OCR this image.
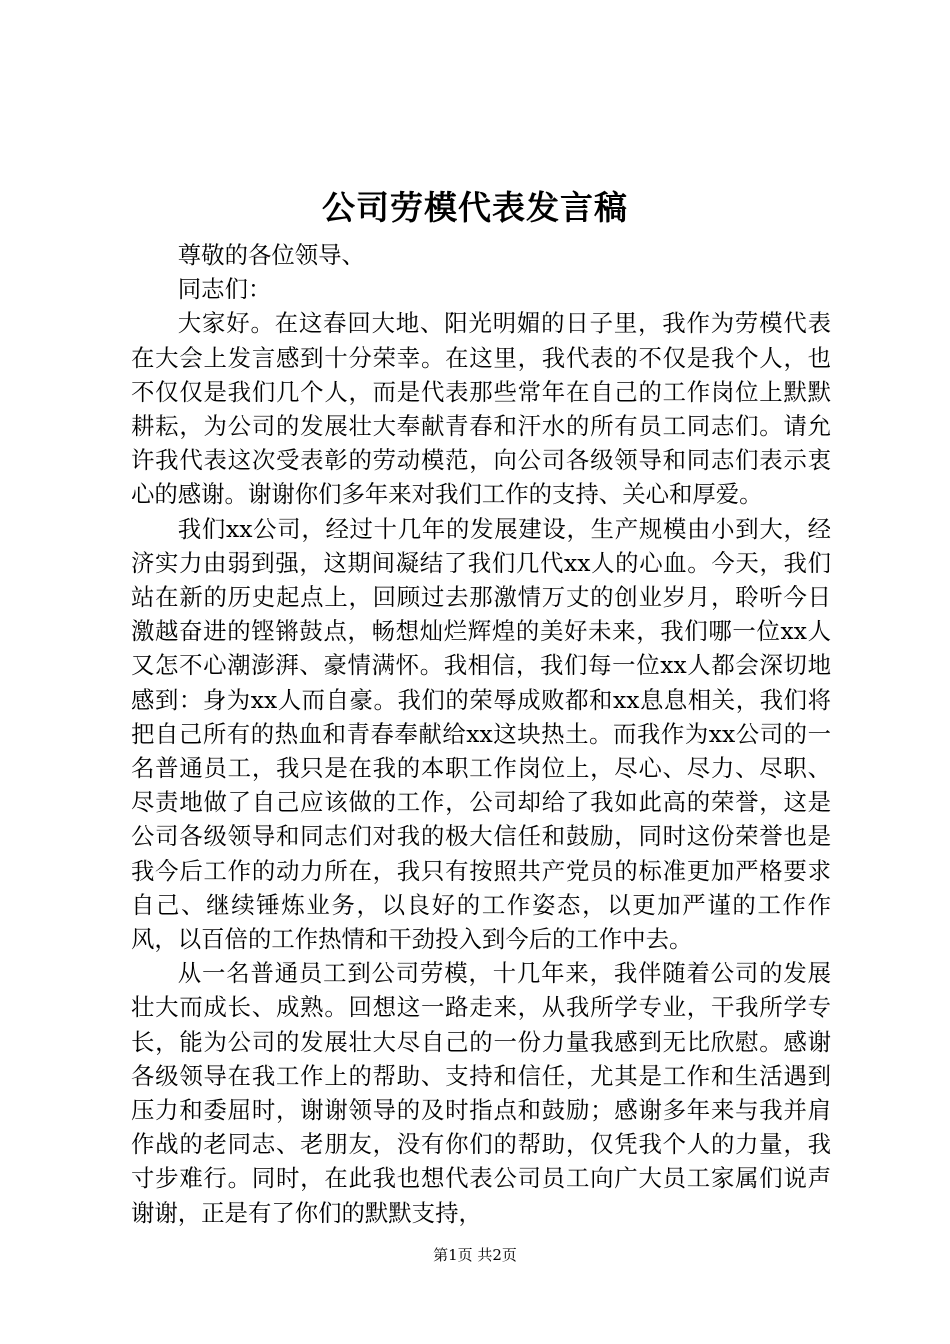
公司劳模代表发言稿

尊敬的各位领导、

同志们：

大家好。在这春回大地、阳光明媚的日子里，我作为劳模代表在大会上发言感到十分荣幸。在这里，我代表的不仅是我个人，也不仅仅是我们几个人，而是代表那些常年在自己的工作岗位上默默耕耘，为公司的发展壮大奉献青春和汗水的所有员工同志们。请允许我代表这次受表彰的劳动模范，向公司各级领导和同志们表示衷心的感谢。谢谢你们多年来对我们工作的支持、关心和厚爱。

我们xx公司，经过十几年的发展建设，生产规模由小到大，经济实力由弱到强，这期间凝结了我们几代xx人的心血。今天，我们站在新的历史起点上，回顾过去那激情万丈的创业岁月，聆听今日激越奋进的铿锵鼓点，畅想灿烂辉煌的美好未来，我们哪一位xx人又怎不心潮澎湃、豪情满怀。我相信，我们每一位xx人都会深切地感到：身为xx人而自豪。我们的荣辱成败都和xx息息相关，我们将把自己所有的热血和青春奉献给xx这块热土。而我作为xx公司的一名普通员工，我只是在我的本职工作岗位上，尽心、尽力、尽职、尽责地做了自己应该做的工作，公司却给了我如此高的荣誉，这是公司各级领导和同志们对我的极大信任和鼓励，同时这份荣誉也是我今后工作的动力所在，我只有按照共产党员的标准更加严格要求自己、继续锤炼业务，以良好的工作姿态，以更加严谨的工作作风，以百倍的工作热情和干劲投入到今后的工作中去。

从一名普通员工到公司劳模，十几年来，我伴随着公司的发展壮大而成长、成熟。回想这一路走来，从我所学专业，干我所学专长，能为公司的发展壮大尽自己的一份力量我感到无比欣慰。感谢各级领导在我工作上的帮助、支持和信任，尤其是工作和生活遇到压力和委屈时，谢谢领导的及时指点和鼓励；感谢多年来与我并肩作战的老同志、老朋友，没有你们的帮助，仅凭我个人的力量，我寸步难行。同时，在此我也想代表公司员工向广大员工家属们说声谢谢，正是有了你们的默默支持，

第1页 共2页
